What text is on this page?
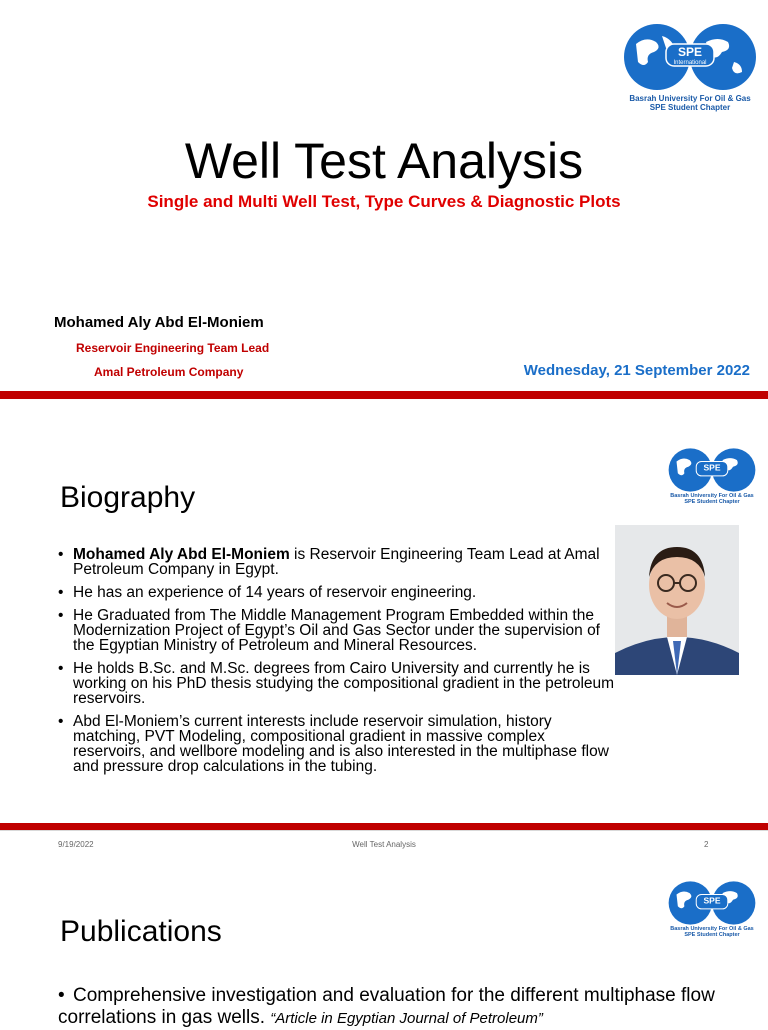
SPE
International
Basrah University For Oil & Gas
SPE Student Chapter
Well Test Analysis
Single and Multi Well Test, Type Curves & Diagnostic Plots
Mohamed Aly Abd El-Moniem
Reservoir Engineering Team Lead
Amal Petroleum Company	Wednesday, 21 September 2022
SPE
Basrah University For Oil & Gas
SPE Student Chapter
Biography
• Mohamed Aly Abd El-Moniem is Reservoir Engineering Team Lead at Amal Petroleum Company in Egypt.
• He has an experience of 14 years of reservoir engineering.
• He Graduated from The Middle Management Program Embedded within the Modernization Project of Egypt’s Oil and Gas Sector under the supervision of the Egyptian Ministry of Petroleum and Mineral Resources.
• He holds B.Sc. and M.Sc. degrees from Cairo University and currently he is working on his PhD thesis studying the compositional gradient in the petroleum reservoirs.
• Abd El-Moniem’s current interests include reservoir simulation, history matching, PVT Modeling, compositional gradient in massive complex reservoirs, and wellbore modeling and is also interested in the multiphase flow and pressure drop calculations in the tubing.
9/19/2022	Well Test Analysis	2
SPE
Basrah University For Oil & Gas
SPE Student Chapter
Publications
• Comprehensive investigation and evaluation for the different multiphase flow correlations in gas wells. “Article in Egyptian Journal of Petroleum”
